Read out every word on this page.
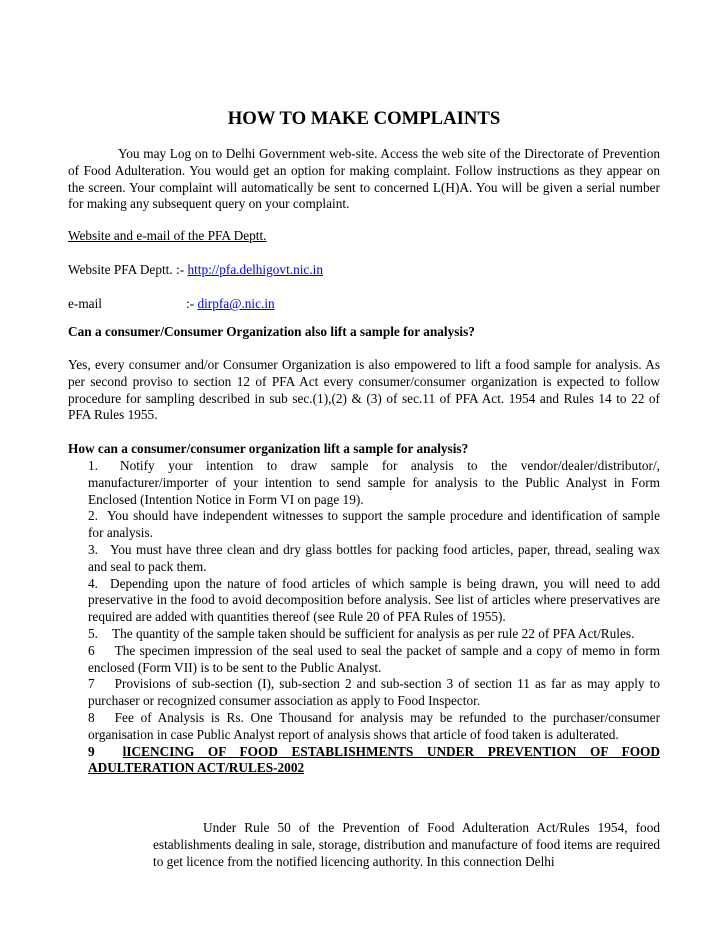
HOW TO MAKE COMPLAINTS
You may Log on to Delhi Government web-site. Access the web site of the Directorate of Prevention of Food Adulteration. You would get an option for making complaint. Follow instructions as they appear on the screen. Your complaint will automatically be sent to concerned L(H)A. You will be given a serial number for making any subsequent query on your complaint.
Website and e-mail of the PFA Deptt.
Website PFA Deptt. :- http://pfa.delhigovt.nic.in
e-mail	:- dirpfa@.nic.in
Can a consumer/Consumer Organization also lift a sample for analysis?
Yes, every consumer and/or Consumer Organization is also empowered to lift a food sample for analysis. As per second proviso to section 12 of PFA Act every consumer/consumer organization is expected to follow procedure for sampling described in sub sec.(1),(2) & (3) of sec.11 of PFA Act. 1954 and Rules 14 to 22 of PFA Rules 1955.
How can a consumer/consumer organization lift a sample for analysis?

1. Notify your intention to draw sample for analysis to the vendor/dealer/distributor/, manufacturer/importer of your intention to send sample for analysis to the Public Analyst in Form Enclosed (Intention Notice in Form VI on page 19).

2. You should have independent witnesses to support the sample procedure and identification of sample for analysis.

3. You must have three clean and dry glass bottles for packing food articles, paper, thread, sealing wax and seal to pack them.

4. Depending upon the nature of food articles of which sample is being drawn, you will need to add preservative in the food to avoid decomposition before analysis. See list of articles where preservatives are required are added with quantities thereof (see Rule 20 of PFA Rules of 1955).

5. The quantity of the sample taken should be sufficient for analysis as per rule 22 of PFA Act/Rules.

6 The specimen impression of the seal used to seal the packet of sample and a copy of memo in form enclosed (Form VII) is to be sent to the Public Analyst.

7 Provisions of sub-section (I), sub-section 2 and sub-section 3 of section 11 as far as may apply to purchaser or recognized consumer association as apply to Food Inspector.

8 Fee of Analysis is Rs. One Thousand for analysis may be refunded to the purchaser/consumer organisation in case Public Analyst report of analysis shows that article of food taken is adulterated.

9 lICENCING OF FOOD ESTABLISHMENTS UNDER PREVENTION OF FOOD ADULTERATION ACT/RULES-2002

Under Rule 50 of the Prevention of Food Adulteration Act/Rules 1954, food establishments dealing in sale, storage, distribution and manufacture of food items are required to get licence from the notified licencing authority. In this connection Delhi
